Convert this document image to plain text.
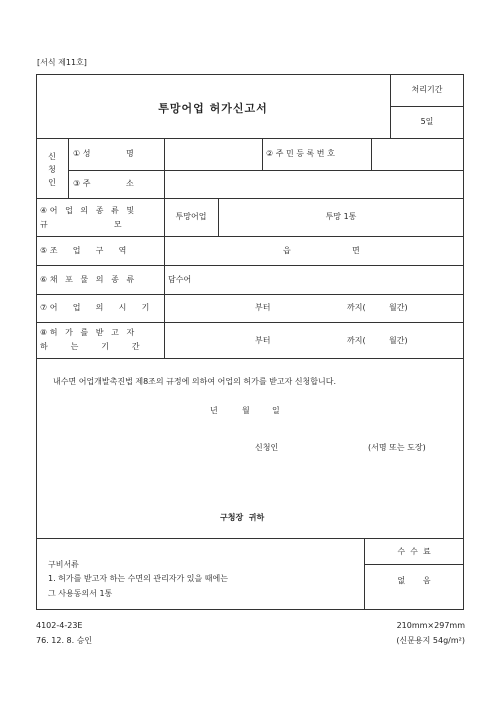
[서식 제11호]
투망어업 허가신고서
처리기간
5일
신
청
인
① 성              명	② 주 민 등 록 번 호
③ 주              소
④ 어   업   의   종   류   및
규                          모
투망어업	투망 1통
⑤ 조      업      구      역	읍	면
⑥ 채   포   물   의   종   류	담수어
⑦ 어      업      의      시      기	부터	까지(	월간)
⑧ 허   가   를   받   고   자
하         는         기         간
부터	까지(	월간)
내수면 어업개발촉진법 제8조의 규정에 의하여 어업의 허가를 받고자 신청합니다.
년	월	일
신청인	(서명 또는 도장)
구청장  귀하
구비서류
1. 허가를 받고자 하는 수면의 관리자가 있을 때에는
그 사용동의서 1통
수  수  료
없       음
4102-4-23E
76. 12. 8. 승인
210mm×297mm
(신문용지 54g/m²)
